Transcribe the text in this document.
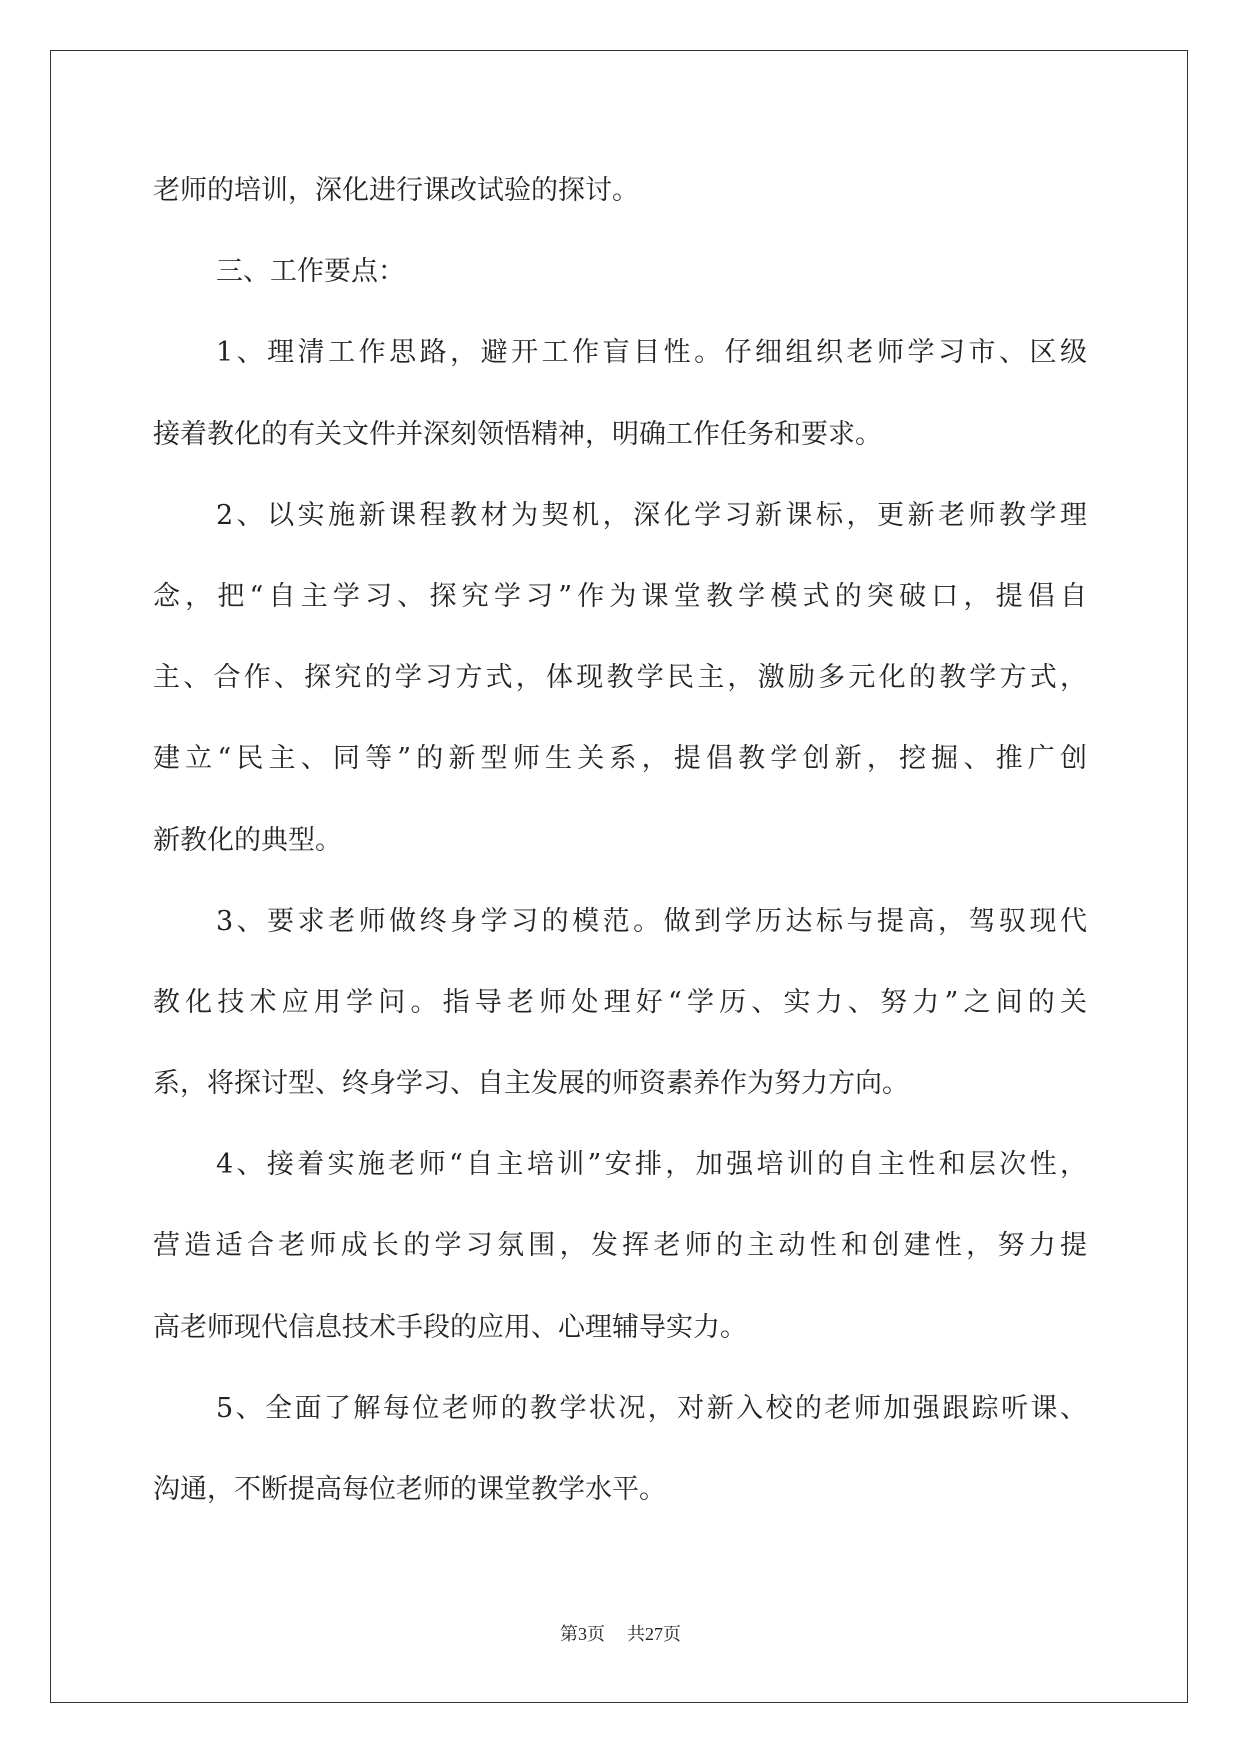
老师的培训，深化进行课改试验的探讨。
三、工作要点：
1、理清工作思路，避开工作盲目性。仔细组织老师学习市、区级
接着教化的有关文件并深刻领悟精神，明确工作任务和要求。
2、以实施新课程教材为契机，深化学习新课标，更新老师教学理
念，把“自主学习、探究学习”作为课堂教学模式的突破口，提倡自
主、合作、探究的学习方式，体现教学民主，激励多元化的教学方式，
建立“民主、同等”的新型师生关系，提倡教学创新，挖掘、推广创
新教化的典型。
3、要求老师做终身学习的模范。做到学历达标与提高，驾驭现代
教化技术应用学问。指导老师处理好“学历、实力、努力”之间的关
系，将探讨型、终身学习、自主发展的师资素养作为努力方向。
4、接着实施老师“自主培训”安排，加强培训的自主性和层次性，
营造适合老师成长的学习氛围，发挥老师的主动性和创建性，努力提
高老师现代信息技术手段的应用、心理辅导实力。
5、全面了解每位老师的教学状况，对新入校的老师加强跟踪听课、
沟通，不断提高每位老师的课堂教学水平。
第3页 共27页
